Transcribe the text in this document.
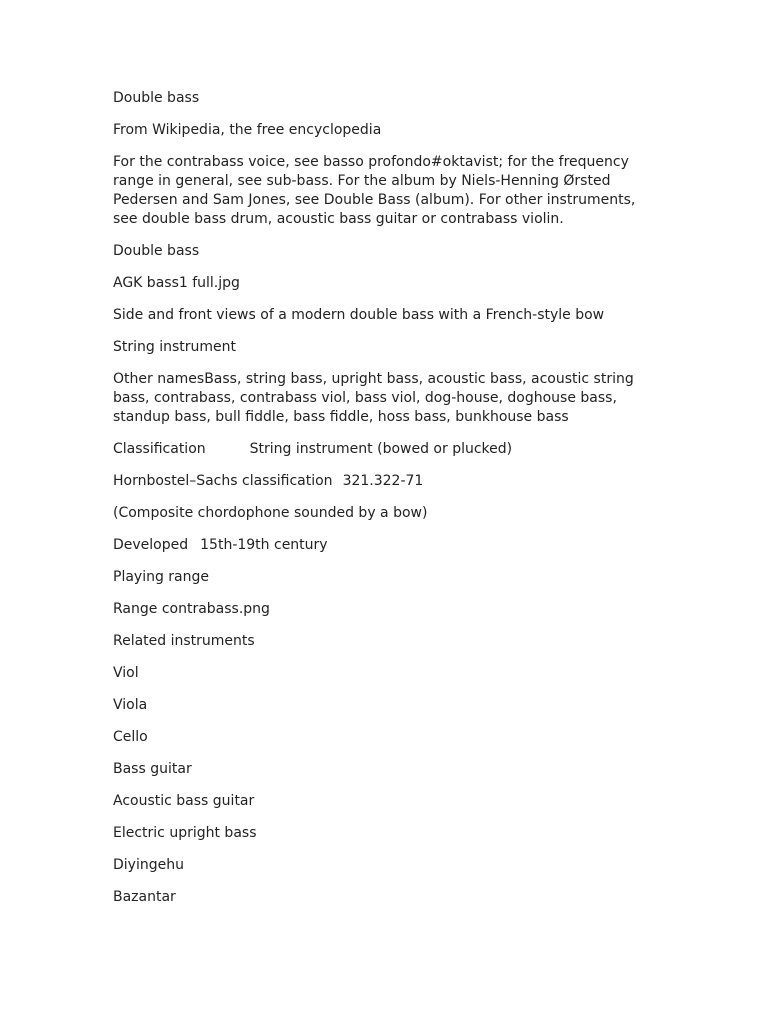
Double bass

From Wikipedia, the free encyclopedia

For the contrabass voice, see basso profondo#oktavist; for the frequency range in general, see sub-bass. For the album by Niels-Henning Ørsted Pedersen and Sam Jones, see Double Bass (album). For other instruments, see double bass drum, acoustic bass guitar or contrabass violin.

Double bass

AGK bass1 full.jpg

Side and front views of a modern double bass with a French-style bow

String instrument

Other namesBass, string bass, upright bass, acoustic bass, acoustic string bass, contrabass, contrabass viol, bass viol, dog-house, doghouse bass, standup bass, bull fiddle, bass fiddle, hoss bass, bunkhouse bass

Classification	String instrument (bowed or plucked)
Hornbostel–Sachs classification 321.322-71

(Composite chordophone sounded by a bow)

Developed 15th-19th century

Playing range

Range contrabass.png

Related instruments

Viol

Viola

Cello

Bass guitar

Acoustic bass guitar

Electric upright bass

Diyingehu

Bazantar
